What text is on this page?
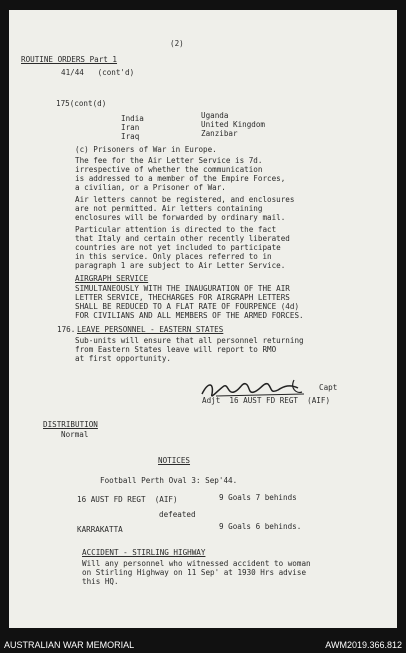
(2)
ROUTINE ORDERS Part 1
41/44   (cont'd)
175(cont(d)
India
Iran
Iraq
Uganda
United Kingdom
Zanzibar
(c) Prisoners of War in Europe.
The fee for the Air Letter Service is 7d.
irrespective of whether the communication
is addressed to a member of the Empire Forces,
a civilian, or a Prisoner of War.
Air letters cannot be registered, and enclosures
are not permitted. Air letters containing
enclosures will be forwarded by ordinary mail.
Particular attention is directed to the fact
that Italy and certain other recently liberated
countries are not yet included to participate
in this service. Only places referred to in
paragraph 1 are subject to Air Letter Service.
AIRGRAPH SERVICE
SIMULTANEOUSLY WITH THE INAUGURATION OF THE AIR
LETTER SERVICE, THECHARGES FOR AIRGRAPH LETTERS
SHALL BE REDUCED TO A FLAT RATE OF FOURPENCE (4d)
FOR CIVILIANS AND ALL MEMBERS OF THE ARMED FORCES.
176. LEAVE PERSONNEL - EASTERN STATES
Sub-units will ensure that all personnel returning
from Eastern States leave will report to RMO
at first opportunity.
Capt
Adjt  16 AUST FD REGT  (AIF)
DISTRIBUTION
Normal
NOTICES
Football Perth Oval 3: Sep'44.
16 AUST FD REGT  (AIF)	9 Goals 7 behinds
defeated
KARRAKATTA	9 Goals 6 behinds.
ACCIDENT - STIRLING HIGHWAY
Will any personnel who witnessed accident to woman
on Stirling Highway on 11 Sep' at 1930 Hrs advise
this HQ.
AUSTRALIAN WAR MEMORIAL	AWM2019.366.812
